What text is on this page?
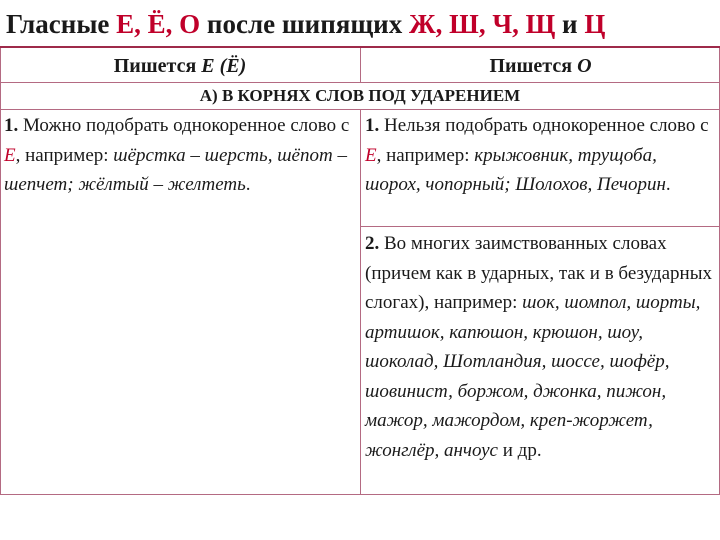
Гласные Е, Ё, О после шипящих Ж, Ш, Ч, Щ и Ц
Пишется Е (Ё)	Пишется О
А) В КОРНЯХ СЛОВ ПОД УДАРЕНИЕМ
1. Можно подобрать однокоренное слово с Е, например: шёрстка – шерсть, шёпот – шепчет; жёлтый – желтеть.
1. Нельзя подобрать однокоренное слово с Е, например: крыжовник, трущоба, шорох, чопорный; Шолохов, Печорин.
2. Во многих заимствованных словах (причем как в ударных, так и в безударных слогах), например: шок, шомпол, шорты, артишок, капюшон, крюшон, шоу, шоколад, Шотландия, шоссе, шофёр, шовинист, боржом, джонка, пижон, мажор, мажордом, креп-жоржет, жонглёр, анчоус и др.
